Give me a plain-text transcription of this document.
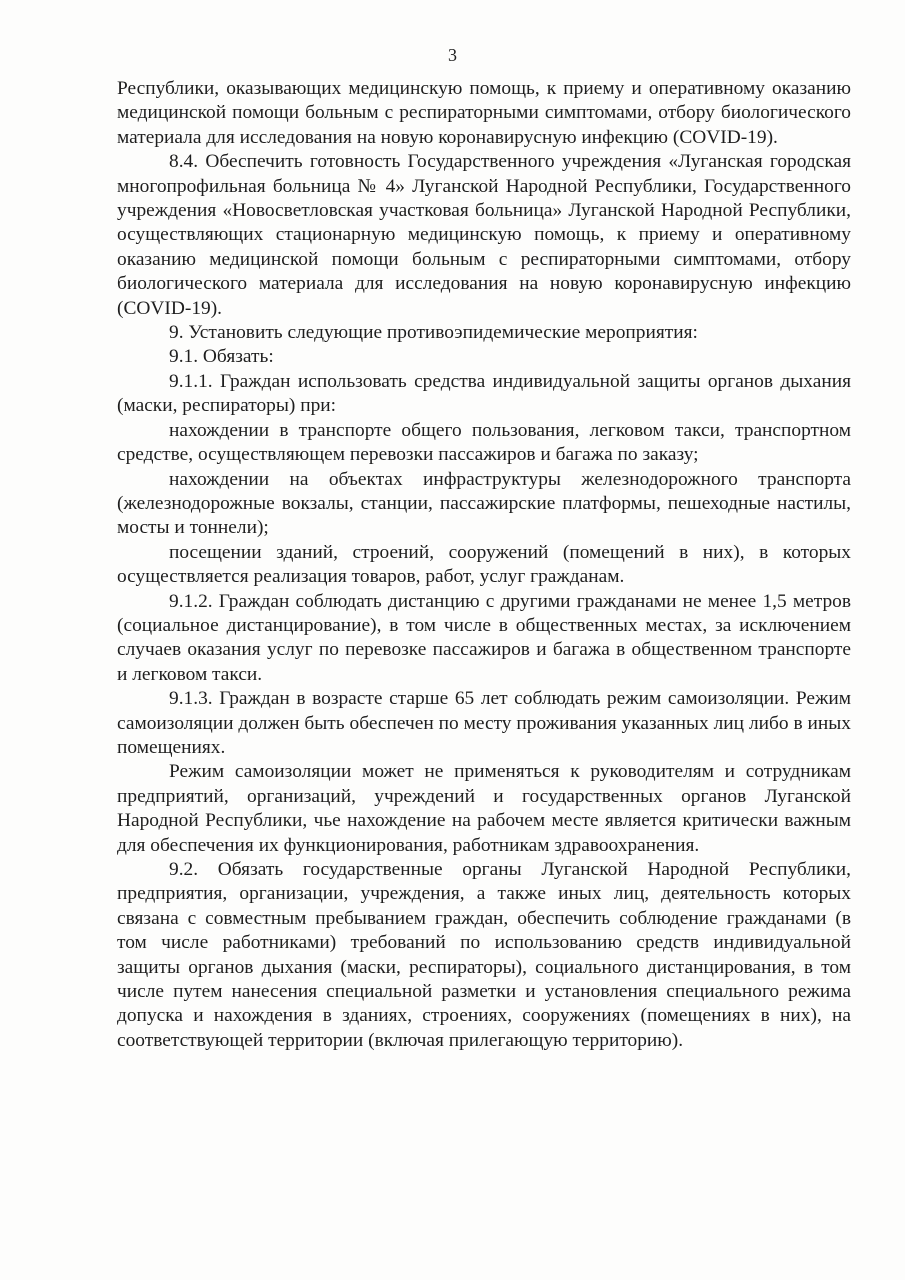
3

Республики, оказывающих медицинскую помощь, к приему и оперативному оказанию медицинской помощи больным с респираторными симптомами, отбору биологического материала для исследования на новую коронавирусную инфекцию (COVID-19).

8.4. Обеспечить готовность Государственного учреждения «Луганская городская многопрофильная больница № 4» Луганской Народной Республики, Государственного учреждения «Новосветловская участковая больница» Луганской Народной Республики, осуществляющих стационарную медицинскую помощь, к приему и оперативному оказанию медицинской помощи больным с респираторными симптомами, отбору биологического материала для исследования на новую коронавирусную инфекцию (COVID-19).

9. Установить следующие противоэпидемические мероприятия:

9.1. Обязать:

9.1.1. Граждан использовать средства индивидуальной защиты органов дыхания (маски, респираторы) при:

нахождении в транспорте общего пользования, легковом такси, транспортном средстве, осуществляющем перевозки пассажиров и багажа по заказу;

нахождении на объектах инфраструктуры железнодорожного транспорта (железнодорожные вокзалы, станции, пассажирские платформы, пешеходные настилы, мосты и тоннели);

посещении зданий, строений, сооружений (помещений в них), в которых осуществляется реализация товаров, работ, услуг гражданам.

9.1.2. Граждан соблюдать дистанцию с другими гражданами не менее 1,5 метров (социальное дистанцирование), в том числе в общественных местах, за исключением случаев оказания услуг по перевозке пассажиров и багажа в общественном транспорте и легковом такси.

9.1.3. Граждан в возрасте старше 65 лет соблюдать режим самоизоляции. Режим самоизоляции должен быть обеспечен по месту проживания указанных лиц либо в иных помещениях.

Режим самоизоляции может не применяться к руководителям и сотрудникам предприятий, организаций, учреждений и государственных органов Луганской Народной Республики, чье нахождение на рабочем месте является критически важным для обеспечения их функционирования, работникам здравоохранения.

9.2. Обязать государственные органы Луганской Народной Республики, предприятия, организации, учреждения, а также иных лиц, деятельность которых связана с совместным пребыванием граждан, обеспечить соблюдение гражданами (в том числе работниками) требований по использованию средств индивидуальной защиты органов дыхания (маски, респираторы), социального дистанцирования, в том числе путем нанесения специальной разметки и установления специального режима допуска и нахождения в зданиях, строениях, сооружениях (помещениях в них), на соответствующей территории (включая прилегающую территорию).
